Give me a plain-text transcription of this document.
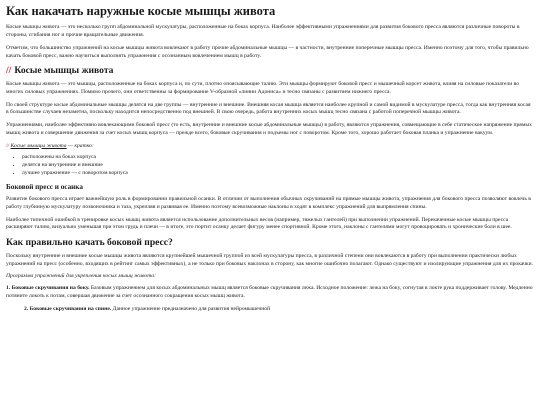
Как накачать наружные косые мышцы живота

Косые мышцы живота — это несколько групп абдоминальной мускулатуры, расположенные на боках корпуса. Наиболее эффективными упражнениями для развития бокового пресса являются различные повороты в стороны, сгибания ног и прочие вращательные движения.

Отметим, что большинство упражнений на косые мышцы живота вовлекают в работу прочие абдоминальные мышцы — в частности, внутренние поперечные мышцы пресса. Именно поэтому для того, чтобы правильно качать боковой пресс, важно научиться выполнять упражнения с осознанным вовлечением мышц в работу.

// Косые мышцы живота

Косые мышцы живота — это мышцы, расположенные на боках корпуса и, по сути, плотно опоясывающие талию. Эти мышцы формируют боковой пресс и мышечный корсет живота, влияя на силовые показатели во многих силовых упражнениях. Помимо прочего, они ответственны за формирование V-образной «линии Адониса» и тесно связаны с развитием нижнего пресса.

По своей структуре косые абдоминальные мышцы делятся на две группы — внутренние и внешние. Внешняя косая мышца является наиболее крупной и самой видимой в мускулатуре пресса, тогда как внутренняя косая в большинстве случаев незаметна, поскольку находится непосредственно под внешней. В свою очередь, работа внутренних косых мышц тесно связана с работой поперечной мышцы живота.

Упражнениями, наиболее эффективно вовлекающими боковой пресс (то есть, внутренние и внешние косые абдоминальные мышцы) в работу, являются упражнения, совмещающие в себе статическое напряжение прямых мышц живота и совершение движения за счет косых мышц корпуса — прежде всего, боковые скручивания и подъемы ног с поворотом. Кроме того, хорошо работает боковая планка и упражнение вакуум.

// Косые мышцы живота — кратко:
• расположены на боках корпуса
• делятся на внутренние и внешние
• лучшее упражнение — с поворотом корпуса
Боковой пресс и осанка

Развитие бокового пресса играет важнейшую роль в формировании правильной осанки. В отличии от выполнения обычных скручиваний на прямые мышцы живота, упражнения для бокового пресса позволяют вовлечь в работу глубинную мускулатуру позвоночника и таза, укрепляя и развивая ее. Именно поэтому всевозможные наклоны в ходят в комплекс упражнений для выпрямления спины.

Наиболее типичной ошибкой в тренировке косых мышц живота является использование дополнительных весов (например, тяжелых гантелей) при выполнении упражнений. Перекаченные косые мышцы пресса расширяют талию, визуально уменьшая при этом грудь и плечи — в итоге, это портит осанку делает фигуру менее спортивной. Кроме этого, наклоны с гантелями могут провоцировать и хронические боли в шее.

Как правильно качать боковой пресс?

Поскольку внутренние и внешние косые мышцы живота являются крупнейшей мышечной группой из всей мускулатуры пресса, в различной степени они вовлекаются в работу при выполнении практически любых упражнений на пресс (особенно, входящих в рейтинг самых эффективных), а не только при боковых наклонах в сторону, как многие ошибочно полагают. Однако существуют и изолирующие упражнения для их прокачки.

Программа упражнений для укрепления косых мышц живота:

1. Боковые скручивания на боку. Базовым упражнением для косых абдоминальных мышц является боковые скручивания лежа. Исходное положение: лежа на боку, согнутая в локте рука поддерживает голову. Медленно потяните локоть к потам, совершая движение за счет осознанного сокращения косых мышц живота.

2. Боковые скручивания на спине. Данное упражнение предназначено для развития нейромышечной
